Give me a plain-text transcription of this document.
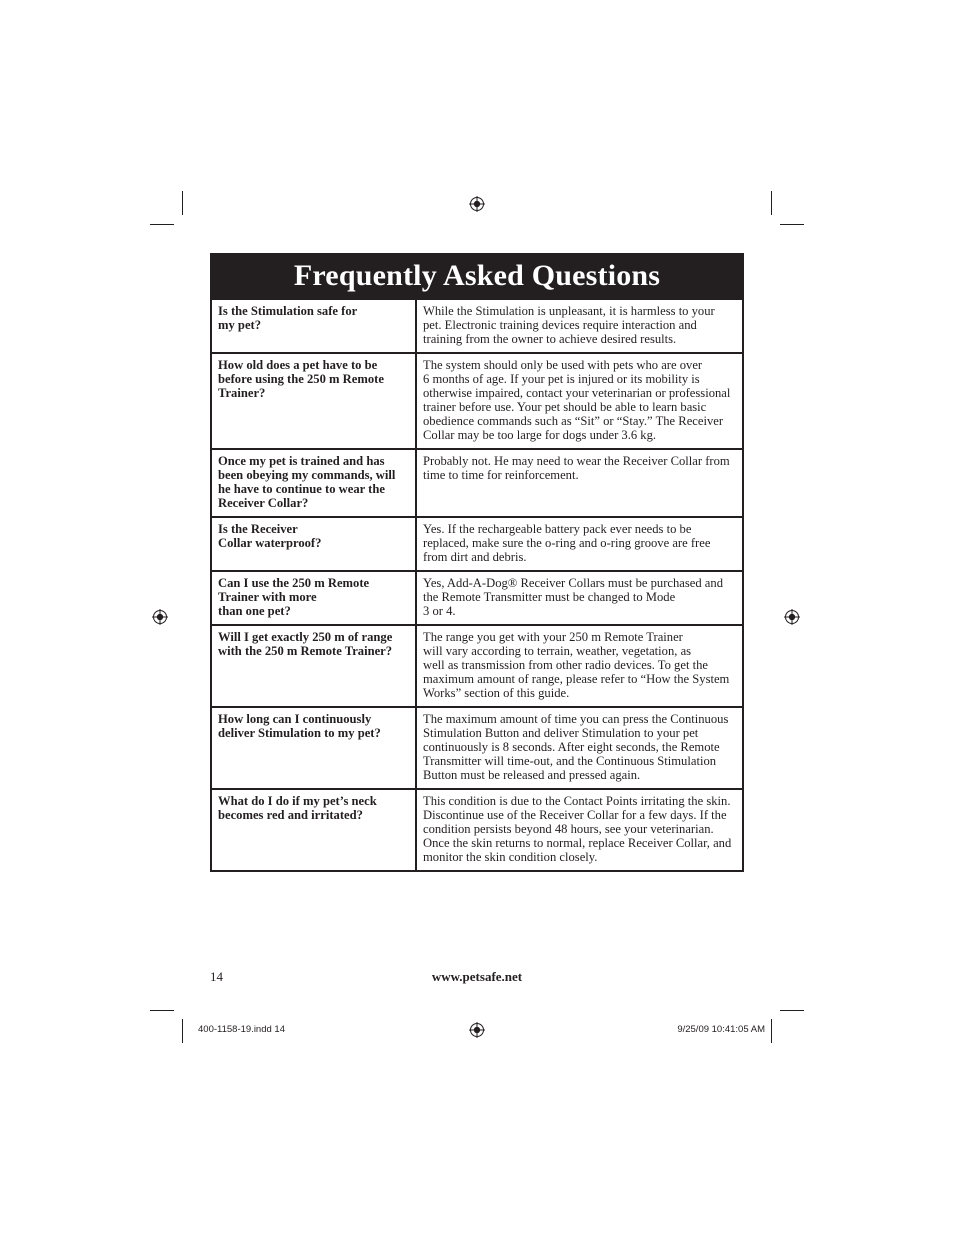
Frequently Asked Questions
Is the Stimulation safe for
my pet?
While the Stimulation is unpleasant, it is harmless to your pet. Electronic training devices require interaction and training from the owner to achieve desired results.
How old does a pet have to be before using the 250 m Remote Trainer?
The system should only be used with pets who are over
6 months of age. If your pet is injured or its mobility is otherwise impaired, contact your veterinarian or professional trainer before use. Your pet should be able to learn basic obedience commands such as “Sit” or “Stay.” The Receiver Collar may be too large for dogs under 3.6 kg.
Once my pet is trained and has been obeying my commands, will he have to continue to wear the Receiver Collar?
Probably not. He may need to wear the Receiver Collar from time to time for reinforcement.
Is the Receiver
Collar waterproof?
Yes. If the rechargeable battery pack ever needs to be replaced, make sure the o-ring and o-ring groove are free from dirt and debris.
Can I use the 250 m Remote Trainer with more
than one pet?
Yes, Add-A-Dog® Receiver Collars must be purchased and the Remote Transmitter must be changed to Mode
3 or 4.
Will I get exactly 250 m of range with the 250 m Remote Trainer?
The range you get with your 250 m Remote Trainer
will vary according to terrain, weather, vegetation, as
well as transmission from other radio devices. To get the maximum amount of range, please refer to “How the System Works” section of this guide.
How long can I continuously deliver Stimulation to my pet?
The maximum amount of time you can press the Continuous Stimulation Button and deliver Stimulation to your pet continuously is 8 seconds. After eight seconds, the Remote Transmitter will time-out, and the Continuous Stimulation Button must be released and pressed again.
What do I do if my pet’s neck becomes red and irritated?
This condition is due to the Contact Points irritating the skin. Discontinue use of the Receiver Collar for a few days. If the condition persists beyond 48 hours, see your veterinarian. Once the skin returns to normal, replace Receiver Collar, and monitor the skin condition closely.
14	www.petsafe.net
400-1158-19.indd 14	9/25/09 10:41:05 AM
